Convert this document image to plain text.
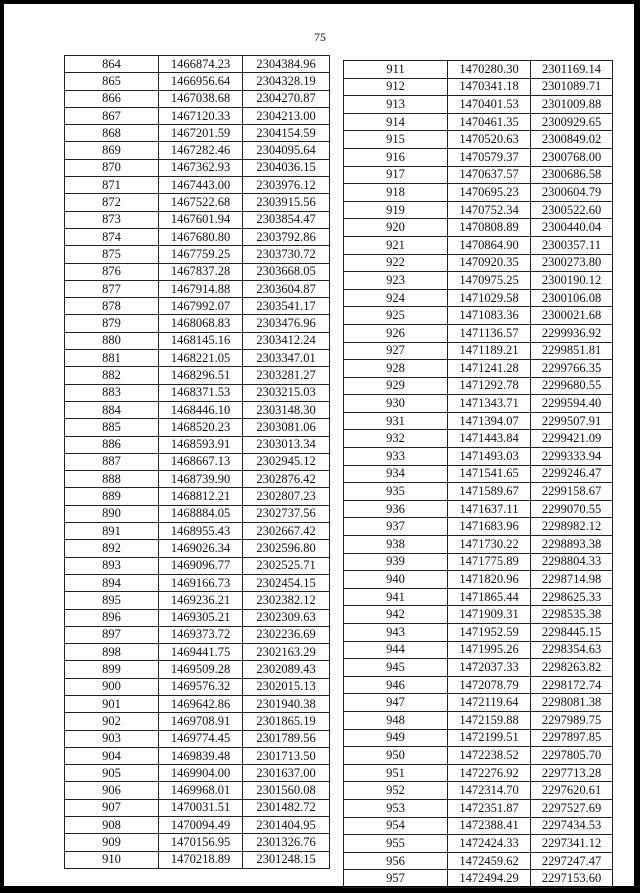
75
864	1466874.23	2304384.96
865	1466956.64	2304328.19
866	1467038.68	2304270.87
867	1467120.33	2304213.00
868	1467201.59	2304154.59
869	1467282.46	2304095.64
870	1467362.93	2304036.15
871	1467443.00	2303976.12
872	1467522.68	2303915.56
873	1467601.94	2303854.47
874	1467680.80	2303792.86
875	1467759.25	2303730.72
876	1467837.28	2303668.05
877	1467914.88	2303604.87
878	1467992.07	2303541.17
879	1468068.83	2303476.96
880	1468145.16	2303412.24
881	1468221.05	2303347.01
882	1468296.51	2303281.27
883	1468371.53	2303215.03
884	1468446.10	2303148.30
885	1468520.23	2303081.06
886	1468593.91	2303013.34
887	1468667.13	2302945.12
888	1468739.90	2302876.42
889	1468812.21	2302807.23
890	1468884.05	2302737.56
891	1468955.43	2302667.42
892	1469026.34	2302596.80
893	1469096.77	2302525.71
894	1469166.73	2302454.15
895	1469236.21	2302382.12
896	1469305.21	2302309.63
897	1469373.72	2302236.69
898	1469441.75	2302163.29
899	1469509.28	2302089.43
900	1469576.32	2302015.13
901	1469642.86	2301940.38
902	1469708.91	2301865.19
903	1469774.45	2301789.56
904	1469839.48	2301713.50
905	1469904.00	2301637.00
906	1469968.01	2301560.08
907	1470031.51	2301482.72
908	1470094.49	2301404.95
909	1470156.95	2301326.76
910	1470218.89	2301248.15
911	1470280.30	2301169.14
912	1470341.18	2301089.71
913	1470401.53	2301009.88
914	1470461.35	2300929.65
915	1470520.63	2300849.02
916	1470579.37	2300768.00
917	1470637.57	2300686.58
918	1470695.23	2300604.79
919	1470752.34	2300522.60
920	1470808.89	2300440.04
921	1470864.90	2300357.11
922	1470920.35	2300273.80
923	1470975.25	2300190.12
924	1471029.58	2300106.08
925	1471083.36	2300021.68
926	1471136.57	2299936.92
927	1471189.21	2299851.81
928	1471241.28	2299766.35
929	1471292.78	2299680.55
930	1471343.71	2299594.40
931	1471394.07	2299507.91
932	1471443.84	2299421.09
933	1471493.03	2299333.94
934	1471541.65	2299246.47
935	1471589.67	2299158.67
936	1471637.11	2299070.55
937	1471683.96	2298982.12
938	1471730.22	2298893.38
939	1471775.89	2298804.33
940	1471820.96	2298714.98
941	1471865.44	2298625.33
942	1471909.31	2298535.38
943	1471952.59	2298445.15
944	1471995.26	2298354.63
945	1472037.33	2298263.82
946	1472078.79	2298172.74
947	1472119.64	2298081.38
948	1472159.88	2297989.75
949	1472199.51	2297897.85
950	1472238.52	2297805.70
951	1472276.92	2297713.28
952	1472314.70	2297620.61
953	1472351.87	2297527.69
954	1472388.41	2297434.53
955	1472424.33	2297341.12
956	1472459.62	2297247.47
957	1472494.29	2297153.60
